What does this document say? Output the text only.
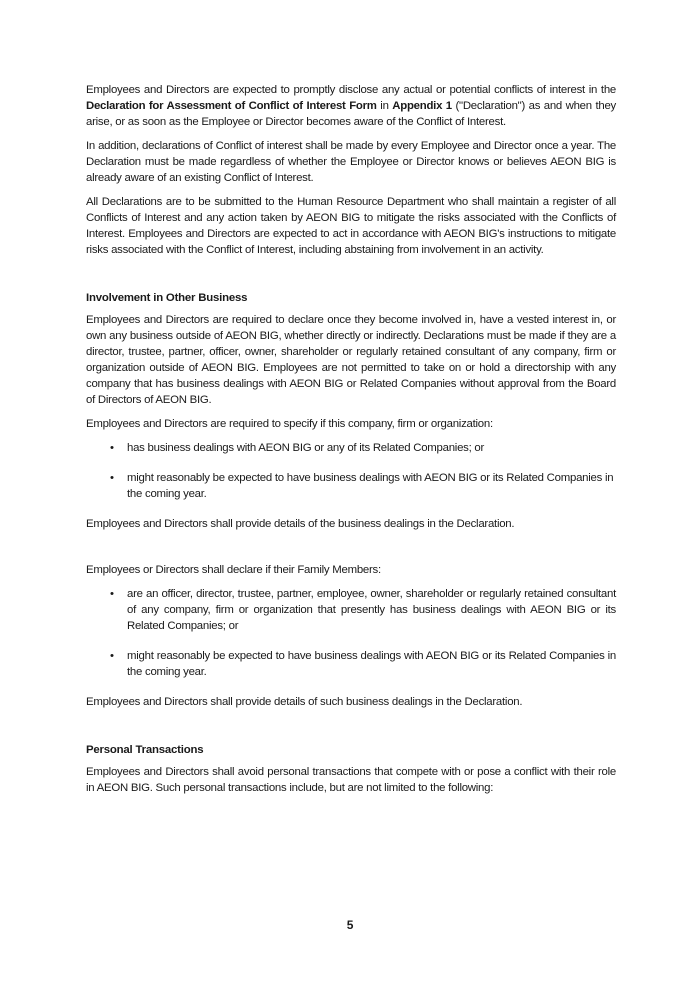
Employees and Directors are expected to promptly disclose any actual or potential conflicts of interest in the Declaration for Assessment of Conflict of Interest Form in Appendix 1 ("Declaration") as and when they arise, or as soon as the Employee or Director becomes aware of the Conflict of Interest.

In addition, declarations of Conflict of interest shall be made by every Employee and Director once a year. The Declaration must be made regardless of whether the Employee or Director knows or believes AEON BIG is already aware of an existing Conflict of Interest.

All Declarations are to be submitted to the Human Resource Department who shall maintain a register of all Conflicts of Interest and any action taken by AEON BIG to mitigate the risks associated with the Conflicts of Interest. Employees and Directors are expected to act in accordance with AEON BIG's instructions to mitigate risks associated with the Conflict of Interest, including abstaining from involvement in an activity.

Involvement in Other Business

Employees and Directors are required to declare once they become involved in, have a vested interest in, or own any business outside of AEON BIG, whether directly or indirectly. Declarations must be made if they are a director, trustee, partner, officer, owner, shareholder or regularly retained consultant of any company, firm or organization outside of AEON BIG. Employees are not permitted to take on or hold a directorship with any company that has business dealings with AEON BIG or Related Companies without approval from the Board of Directors of AEON BIG.

Employees and Directors are required to specify if this company, firm or organization:

• has business dealings with AEON BIG or any of its Related Companies; or
• might reasonably be expected to have business dealings with AEON BIG or its Related Companies in the coming year.

Employees and Directors shall provide details of the business dealings in the Declaration.

Employees or Directors shall declare if their Family Members:

• are an officer, director, trustee, partner, employee, owner, shareholder or regularly retained consultant of any company, firm or organization that presently has business dealings with AEON BIG or its Related Companies; or
• might reasonably be expected to have business dealings with AEON BIG or its Related Companies in the coming year.

Employees and Directors shall provide details of such business dealings in the Declaration.

Personal Transactions

Employees and Directors shall avoid personal transactions that compete with or pose a conflict with their role in AEON BIG. Such personal transactions include, but are not limited to the following:

5
